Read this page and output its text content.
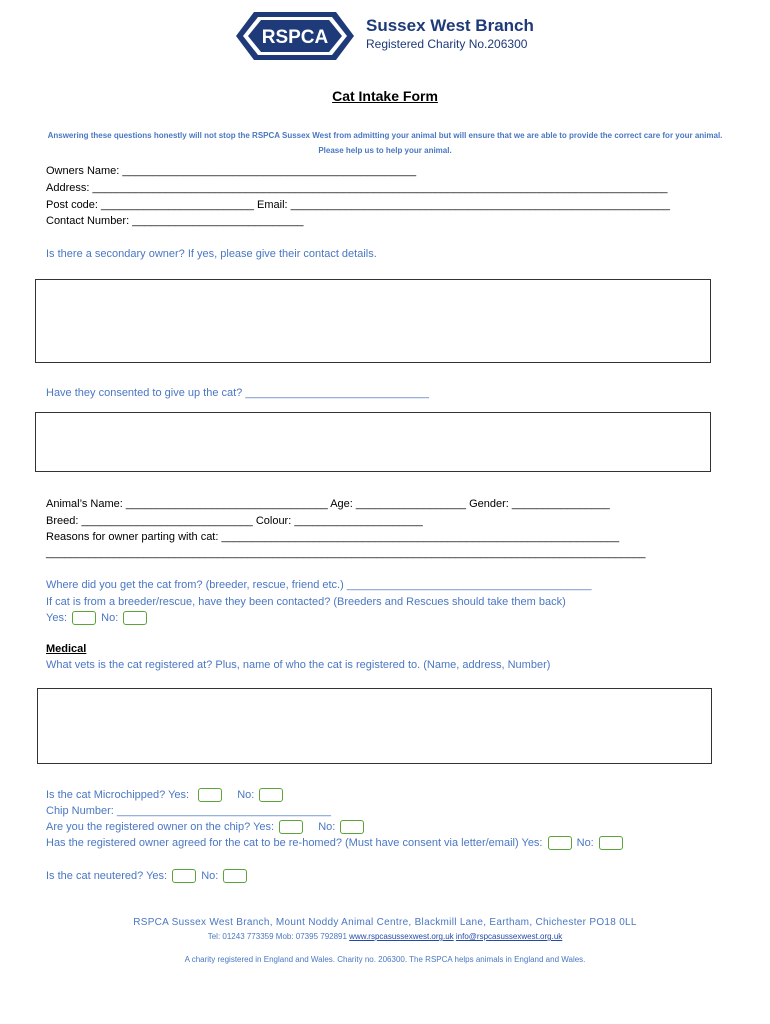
RSPCA
Sussex West Branch
Registered Charity No.206300
Cat Intake Form
Answering these questions honestly will not stop the RSPCA Sussex West from admitting your animal but will ensure that we are able to provide the correct care for your animal. Please help us to help your animal.
Owners Name: ________________________________________________
Address: ______________________________________________________________________________________________
Post code: _________________________ Email: ______________________________________________________________
Contact Number: ____________________________
Is there a secondary owner? If yes, please give their contact details.
Have they consented to give up the cat? ______________________________
Animal’s Name: _________________________________ Age: __________________ Gender: ________________
Breed: ____________________________ Colour: _____________________
Reasons for owner parting with cat: _________________________________________________________________
__________________________________________________________________________________________________
Where did you get the cat from? (breeder, rescue, friend etc.) ________________________________________
If cat is from a breeder/rescue, have they been contacted? (Breeders and Rescues should take them back)
Yes:	No:
Medical
What vets is the cat registered at? Plus, name of who the cat is registered to. (Name, address, Number)
Is the cat Microchipped? Yes:	No:
Chip Number: ___________________________________
Are you the registered owner on the chip? Yes:	No:
Has the registered owner agreed for the cat to be re-homed? (Must have consent via letter/email) Yes:	No:
Is the cat neutered? Yes:	No:
RSPCA Sussex West Branch, Mount Noddy Animal Centre, Blackmill Lane, Eartham, Chichester PO18 0LL
Tel: 01243 773359 Mob: 07395 792891 www.rspcasussexwest.org.uk info@rspcasussexwest.org.uk
A charity registered in England and Wales. Charity no. 206300. The RSPCA helps animals in England and Wales.
